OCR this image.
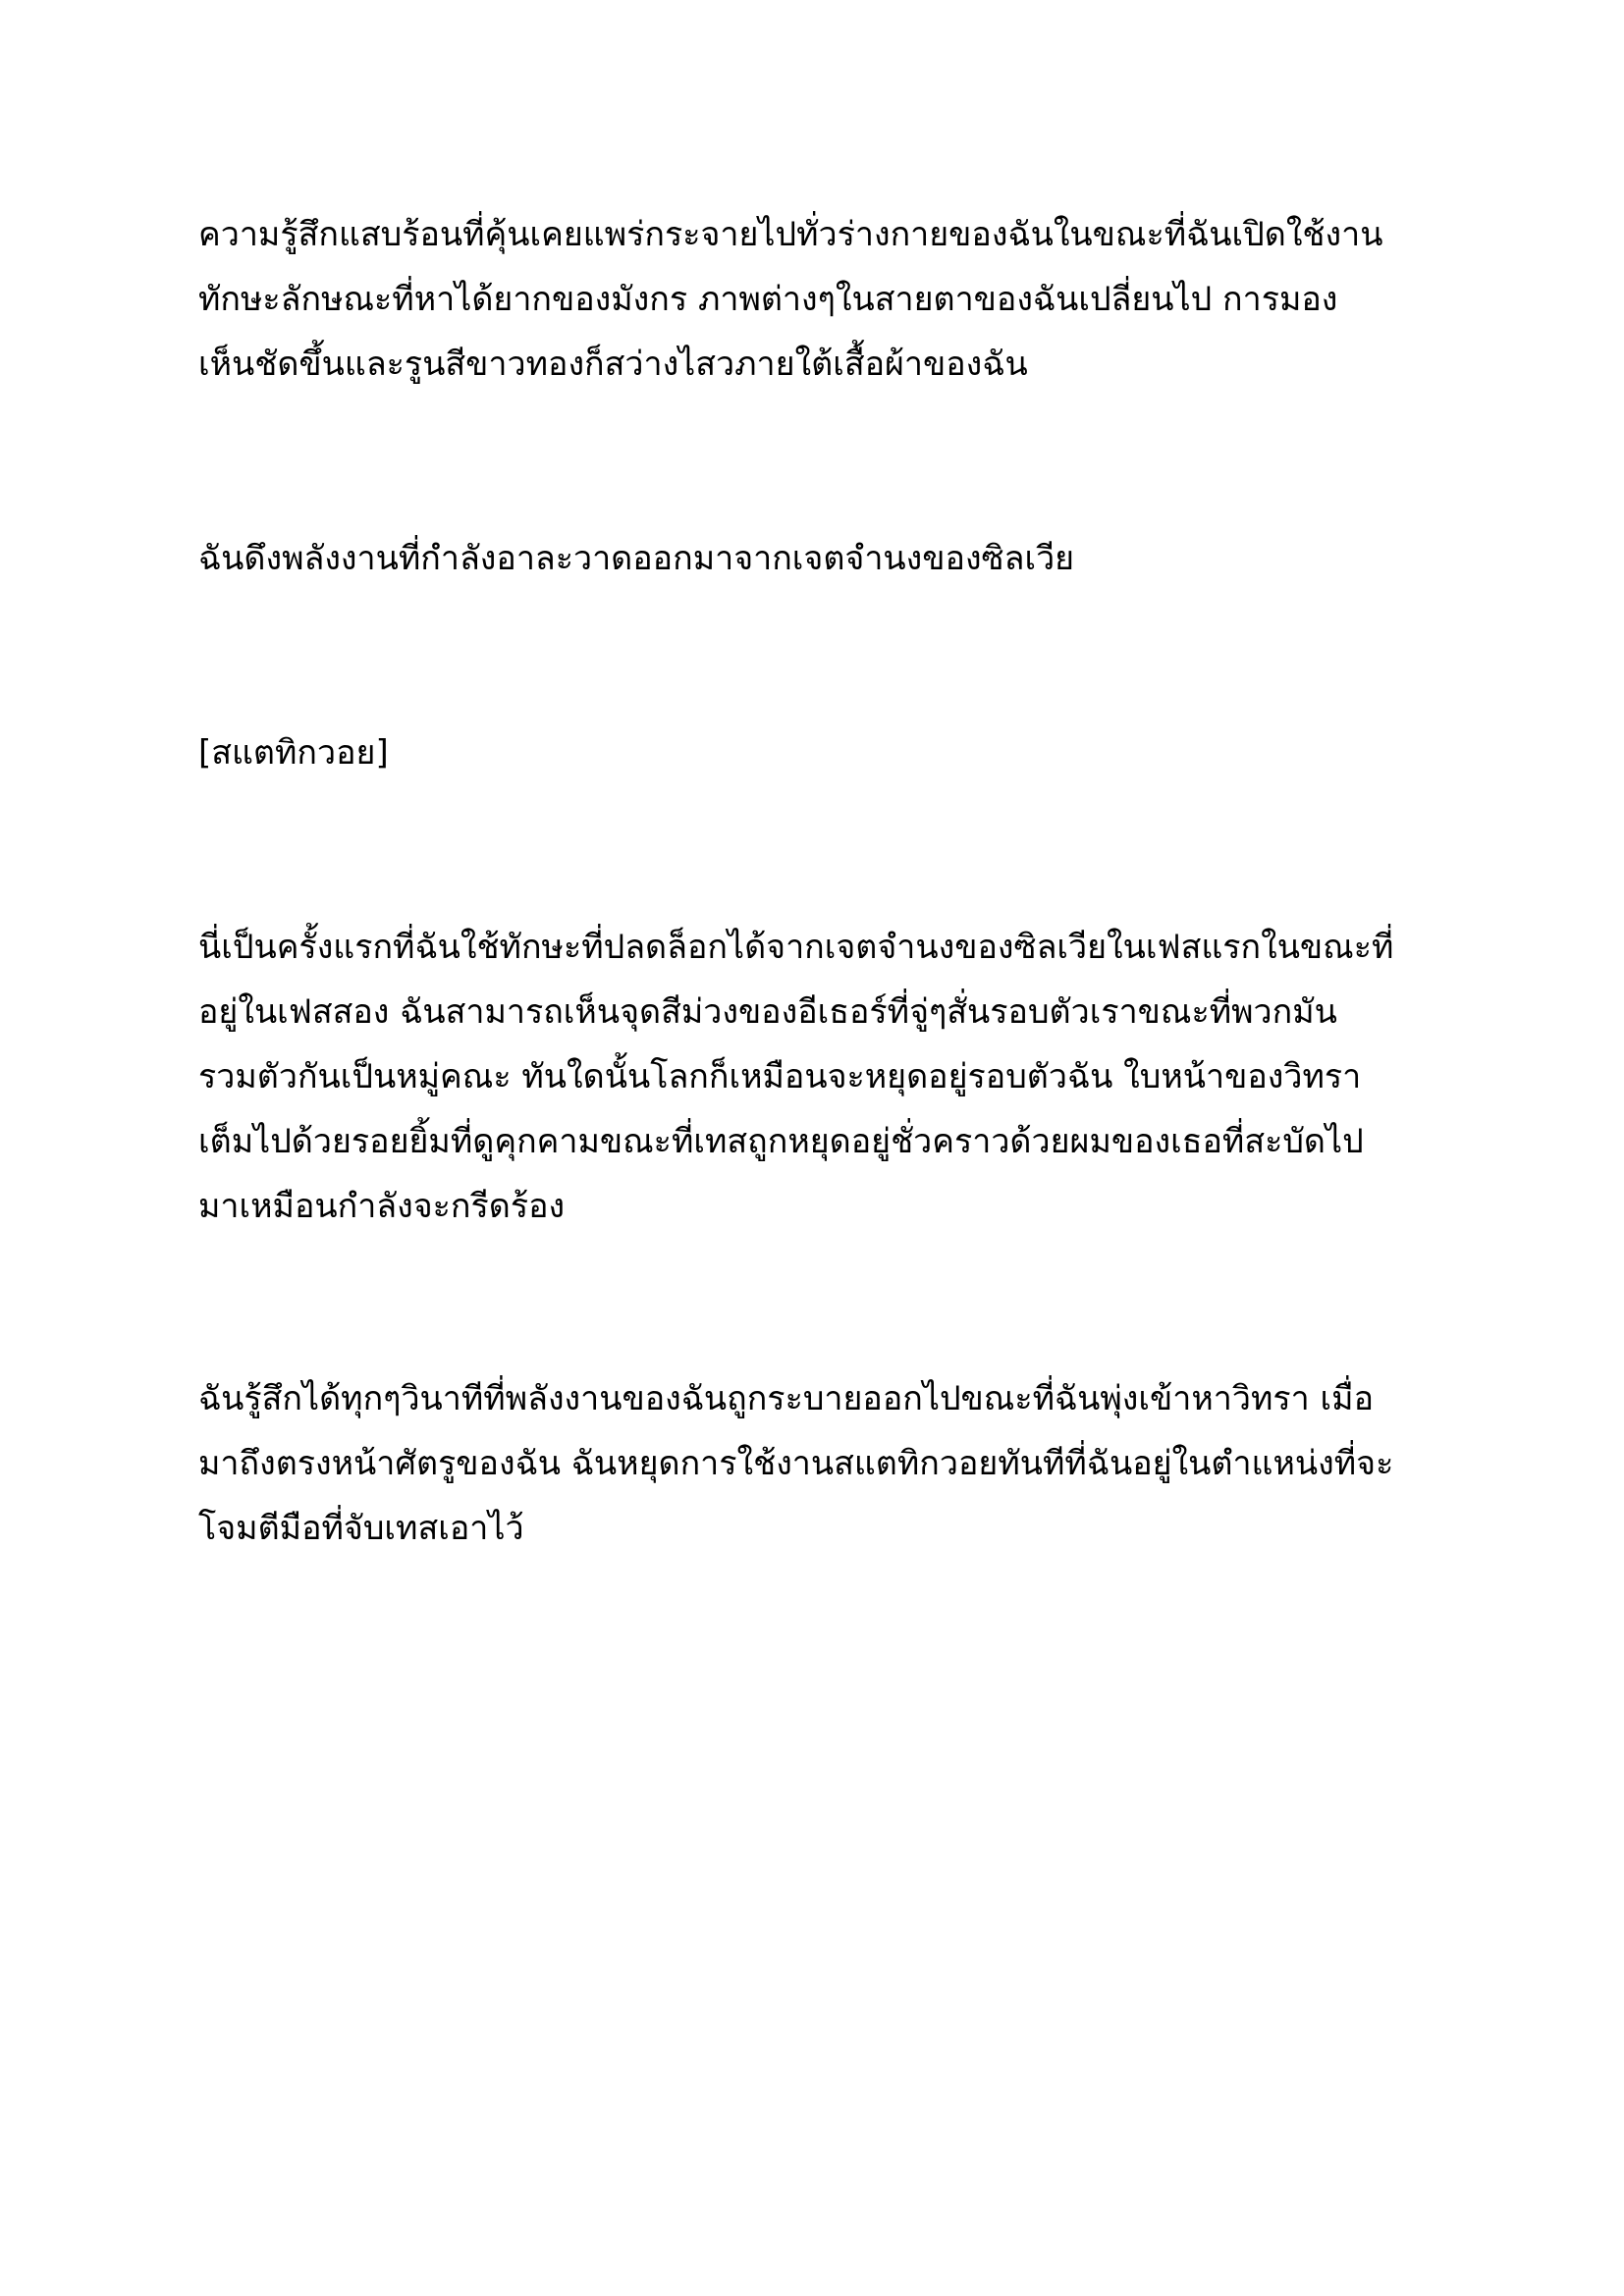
ความรู้สึกแสบร้อนที่คุ้นเคยแพร่กระจายไปทั่วร่างกายของฉันในขณะที่ฉันเปิดใช้งาน
ทักษะลักษณะที่หาได้ยากของมังกร ภาพต่างๆในสายตาของฉันเปลี่ยนไป การมอง
เห็นชัดขึ้นและรูนสีขาวทองก็สว่างไสวภายใต้เสื้อผ้าของฉัน
ฉันดึงพลังงานที่กำลังอาละวาดออกมาจากเจตจำนงของซิลเวีย
[สแตทิกวอย]
นี่เป็นครั้งแรกที่ฉันใช้ทักษะที่ปลดล็อกได้จากเจตจำนงของซิลเวียในเฟสแรกในขณะที่
อยู่ในเฟสสอง ฉันสามารถเห็นจุดสีม่วงของอีเธอร์ที่จู่ๆสั่นรอบตัวเราขณะที่พวกมัน
รวมตัวกันเป็นหมู่คณะ ทันใดนั้นโลกก็เหมือนจะหยุดอยู่รอบตัวฉัน ใบหน้าของวิทรา
เต็มไปด้วยรอยยิ้มที่ดูคุกคามขณะที่เทสถูกหยุดอยู่ชั่วคราวด้วยผมของเธอที่สะบัดไป
มาเหมือนกำลังจะกรีดร้อง
ฉันรู้สึกได้ทุกๆวินาทีที่พลังงานของฉันถูกระบายออกไปขณะที่ฉันพุ่งเข้าหาวิทรา เมื่อ
มาถึงตรงหน้าศัตรูของฉัน ฉันหยุดการใช้งานสแตทิกวอยทันทีที่ฉันอยู่ในตำแหน่งที่จะ
โจมตีมือที่จับเทสเอาไว้
